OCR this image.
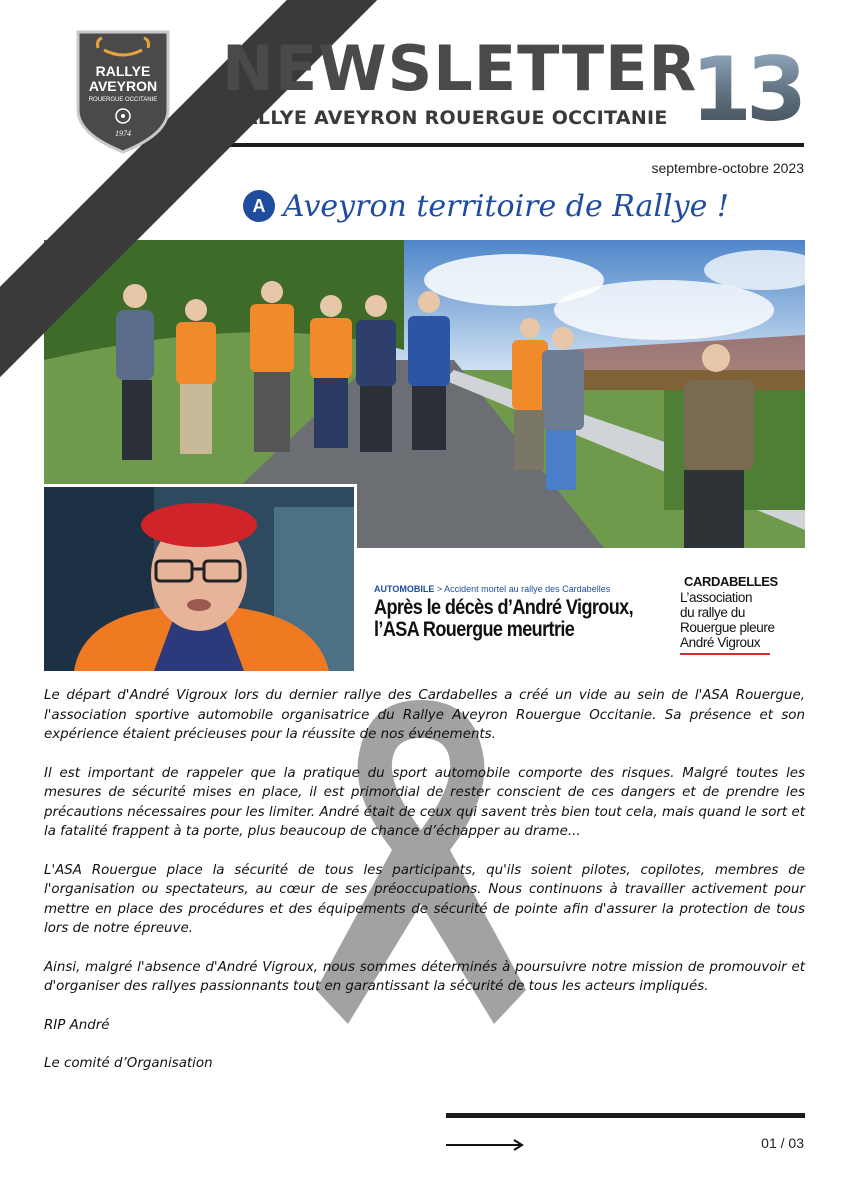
RALLYE
AVEYRON
ROUERGUE OCCITANIE
1974
NEWSLETTER
RALLYE AVEYRON ROUERGUE OCCITANIE 13
septembre-octobre 2023
A Aveyron territoire de Rallye !
AUTOMOBILE > Accident mortel au rallye des Cardabelles
Après le décès d’André Vigroux,
l’ASA Rouergue meurtrie
CARDABELLES
L’association
du rallye du
Rouergue pleure
André Vigroux

Le départ d'André Vigroux lors du dernier rallye des Cardabelles a créé un vide au sein de l'ASA Rouergue, l'association sportive automobile organisatrice du Rallye Aveyron Rouergue Occitanie. Sa présence et son expérience étaient précieuses pour la réussite de nos événements.

Il est important de rappeler que la pratique du sport automobile comporte des risques. Malgré toutes les mesures de sécurité mises en place, il est primordial de rester conscient de ces dangers et de prendre les précautions nécessaires pour les limiter. André était de ceux qui savent très bien tout cela, mais quand le sort et la fatalité frappent à ta porte, plus beaucoup de chance d’échapper au drame...

L'ASA Rouergue place la sécurité de tous les participants, qu'ils soient pilotes, copilotes, membres de l'organisation ou spectateurs, au cœur de ses préoccupations. Nous continuons à travailler activement pour mettre en place des procédures et des équipements de sécurité de pointe afin d'assurer la protection de tous lors de notre épreuve.

Ainsi, malgré l'absence d'André Vigroux, nous sommes déterminés à poursuivre notre mission de promouvoir et d'organiser des rallyes passionnants tout en garantissant la sécurité de tous les acteurs impliqués.

RIP André

Le comité d’Organisation

01 / 03
